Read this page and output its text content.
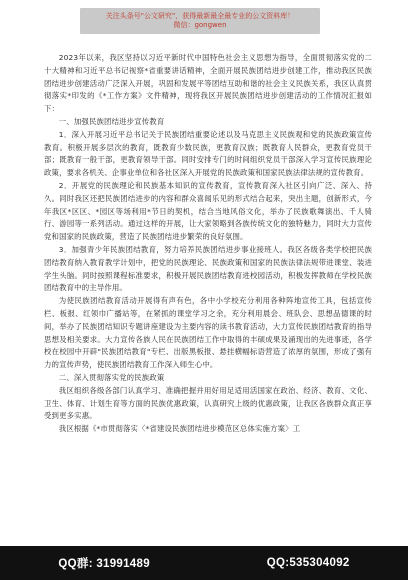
关注头条号"公文研究"，获得最新最全最专业的公文资料库！
微信：gongwen

2023年以来，我区坚持以习近平新时代中国特色社会主义思想为指导，全面贯彻落实党的二十大精神和习近平总书记视察*省重要讲话精神，全面开展民族团结进步创建工作，推动我区民族团结进步创建活动广泛深入开展，巩固和发展平等团结互助和谐的社会主义民族关系，我区认真贯彻落实*印发的《*工作方案》文件精神，现将我区开展民族团结进步创建活动的工作情况汇报如下：

一、加强民族团结进步宣传教育

1．深入开展习近平总书记关于民族团结重要论述以及马克思主义民族观和党的民族政策宣传教育。积极开展多层次的教育，既教育少数民族，更教育汉族；既教育人民群众，更教育党员干部；既教育一般干部，更教育领导干部。同时安排专门的时间组织党员干部深入学习宣传民族理论政策，要求各机关、企事业单位和各社区深入开展党的民族政策和国家民族法律法规的宣传教育。

2．开展党的民族理论和民族基本知识的宣传教育，宣传教育深入社区引向广泛、深入、持久。同时我区还把民族团结进步的内容和群众喜闻乐见的形式结合起来，突出主题，创新形式，今年我区*区区、*园区等场利用*节日的契机，结合当地风俗文化，举办了民族歌舞演出、千人骑行、游园等一系列活动。通过这样的开展，让大家领略到各族传统文化的独特魅力，同时大力宣传党和国家的民族政策，营造了民族团结进步繁荣的良好氛围。

3．加强青少年民族团结教育，努力培养民族团结进步事业接班人。我区各级各类学校把民族团结教育纳入教育教学计划中，把党的民族理论、民族政策和国家的民族法律法规带进课堂、装进学生头脑。同时按照课程标准要求，积极开展民族团结教育进校园活动，积极发挥教师在学校民族团结教育中的主导作用。

为使民族团结教育活动开展得有声有色，各中小学校充分利用各种阵地宣传工具，包括宣传栏、板报、红领巾广播站等，在紧抓的课堂学习之余，充分利用晨会、班队会、思想品德课的时间，举办了民族团结知识专题讲座建设为主要内容的读书教育活动，大力宣传民族团结教育的指导思想及相关要求。大力宣传各族人民在民族团结工作中取得的丰硕成果及涌现出的先进事迹，各学校在校园中开辟"民族团结教育"专栏、出版黑板报、悬挂横幅标语营造了浓厚的氛围，形成了强有力的宣传声势，使民族团结教育工作深入师生心中。

二、深入贯彻落实党的民族政策

我区组织各级各部门认真学习、准确把握并用好用足适用活国家在政治、经济、教育、文化、卫生、体育、计划生育等方面的民族优惠政策，认真研究上级的优惠政策，让我区各族群众真正享受到更多实惠。

我区根据《*市贯彻落实〈*省建设民族团结进步模范区总体实施方案〉工

QQ群: 31991489	QQ:535304092
